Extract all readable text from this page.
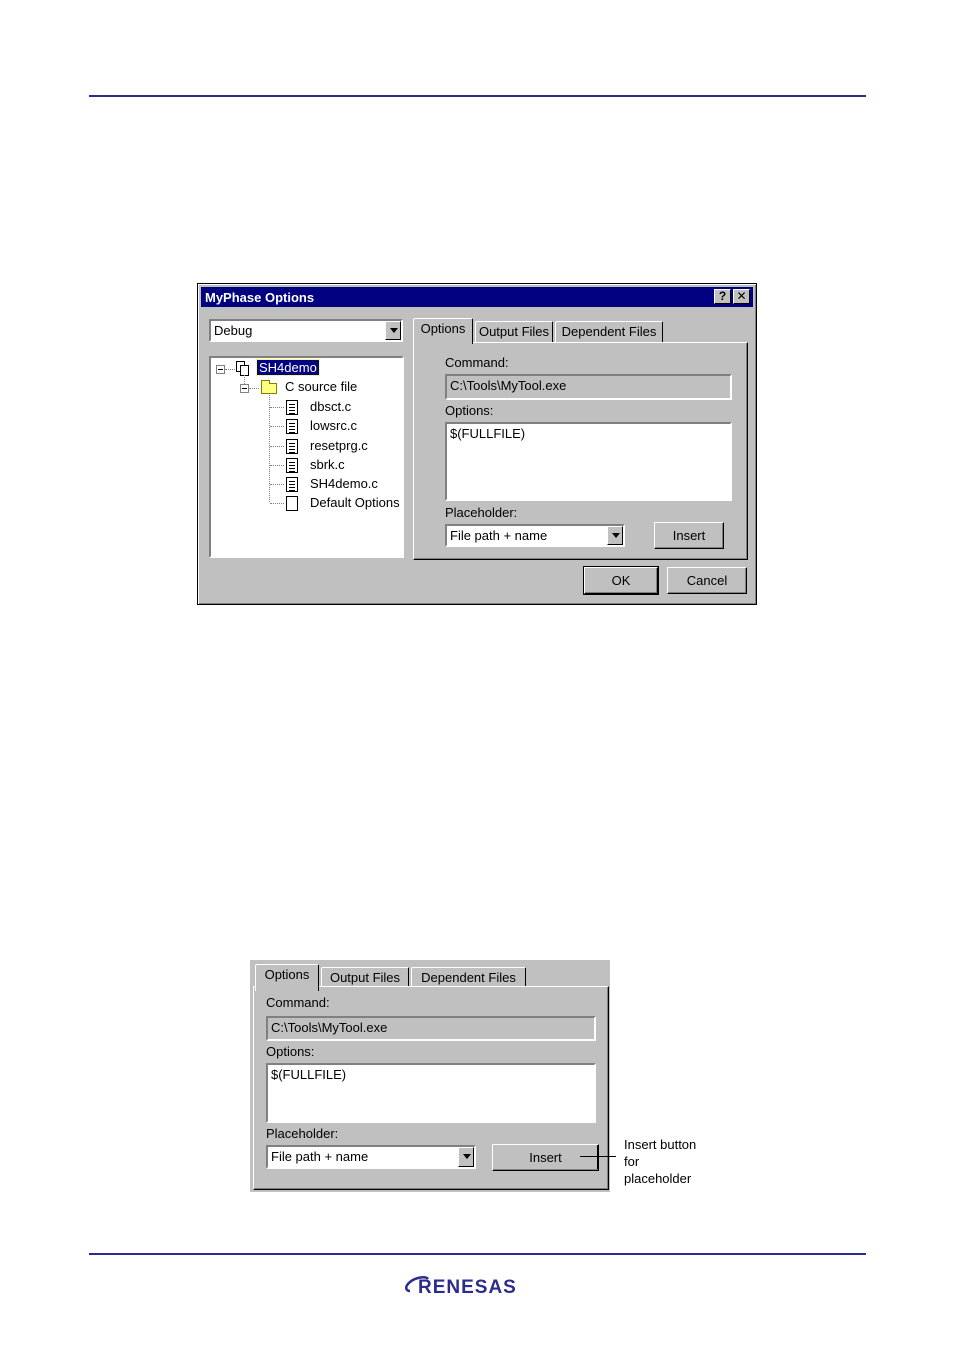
MyPhase Options	? ✕
Debug
SH4demo
C source file
dbsct.c
lowsrc.c
resetprg.c
sbrk.c
SH4demo.c
Default Options
Options	Output Files Dependent Files
Command:
C:\Tools\MyTool.exe
Options:
$(FULLFILE)
Placeholder:
File path + name	Insert
OK	Cancel
Options	Output Files	Dependent Files
Command:
C:\Tools\MyTool.exe
Options:
$(FULLFILE)
Placeholder:
File path + name	Insert
Insert button
for
placeholder
RENESAS
